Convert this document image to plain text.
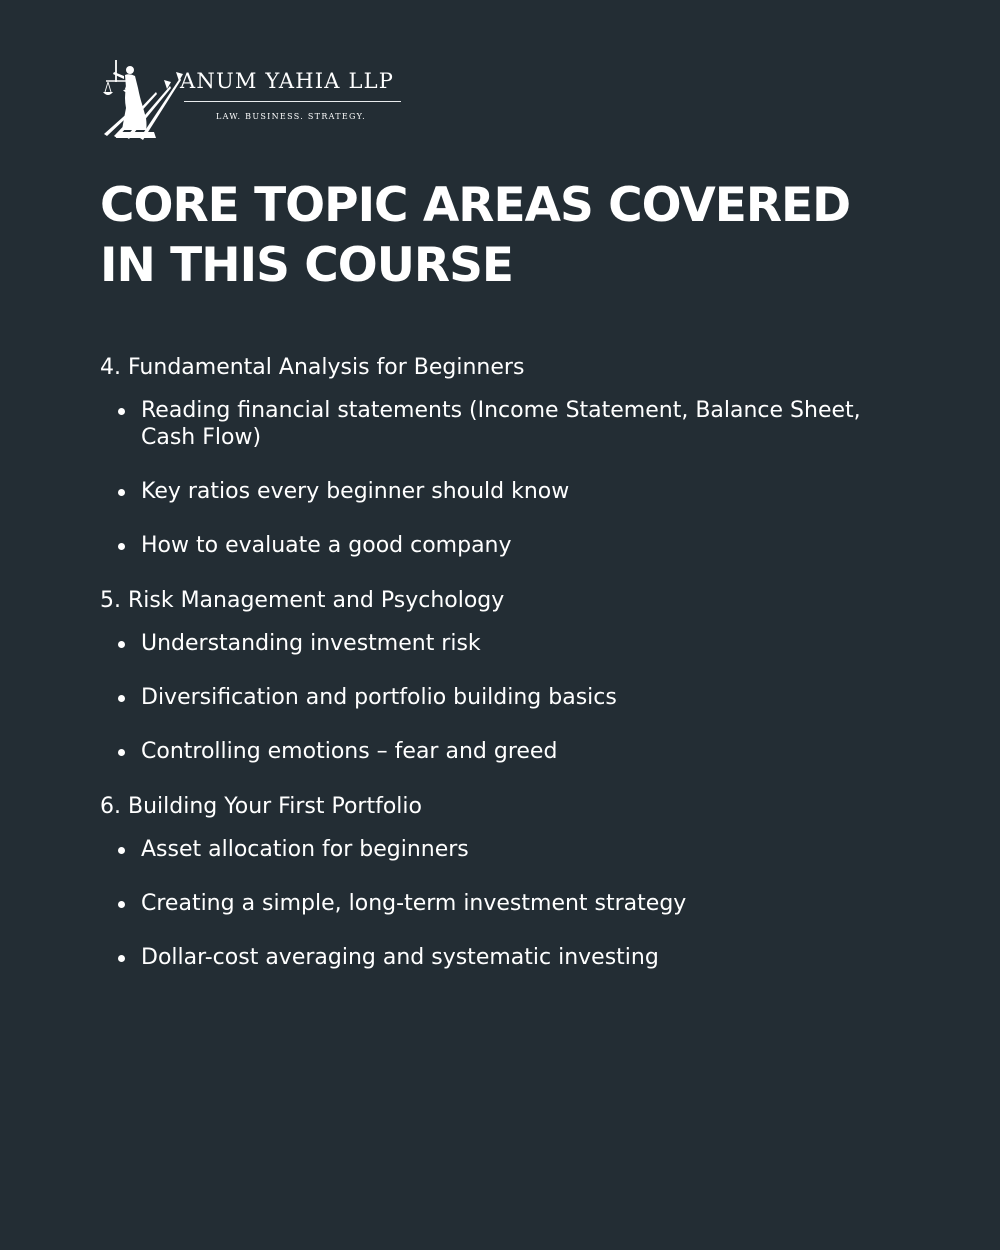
ANUM YAHIA LLP
LAW. BUSINESS. STRATEGY.
CORE TOPIC AREAS COVERED IN THIS COURSE
4. Fundamental Analysis for Beginners
Reading financial statements (Income Statement, Balance Sheet, Cash Flow)
Key ratios every beginner should know
How to evaluate a good company
5. Risk Management and Psychology
Understanding investment risk
Diversification and portfolio building basics
Controlling emotions – fear and greed
6. Building Your First Portfolio
Asset allocation for beginners
Creating a simple, long-term investment strategy
Dollar-cost averaging and systematic investing
